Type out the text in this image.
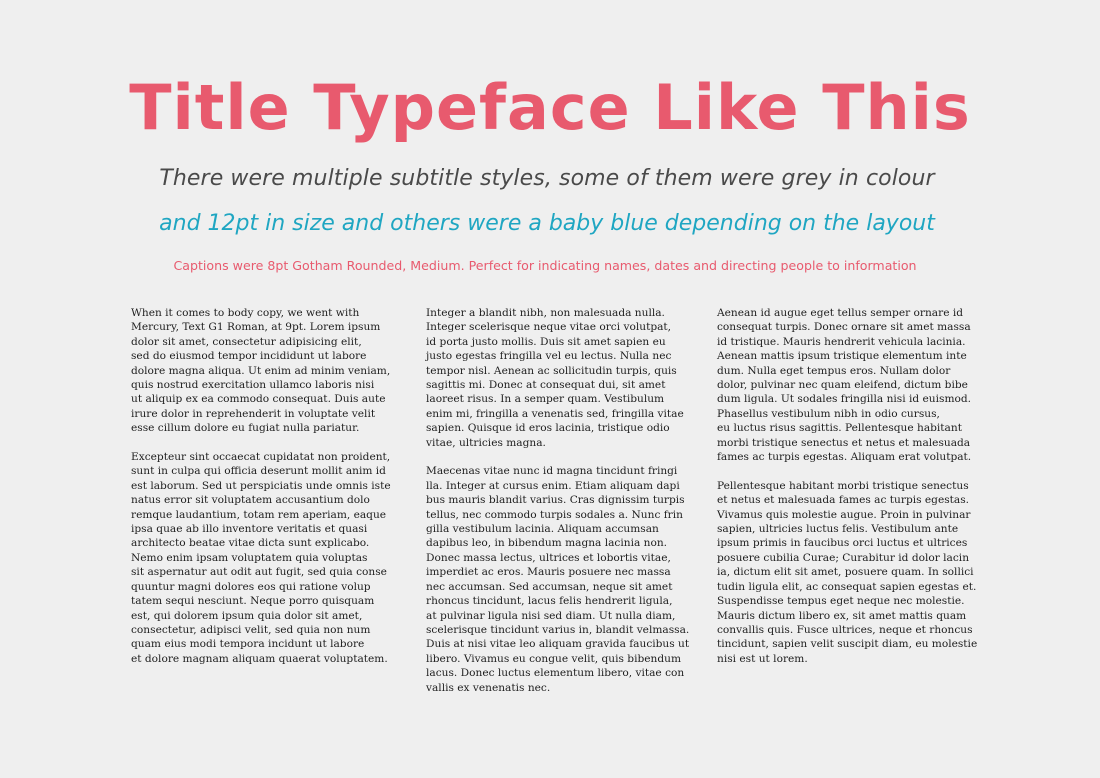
Title Typeface Like This

There were multiple subtitle styles, some of them were grey in colour

and 12pt in size and others were a baby blue depending on the layout

Captions were 8pt Gotham Rounded, Medium. Perfect for indicating names, dates and directing people to information

When it comes to body copy, we went with
Mercury, Text G1 Roman, at 9pt. Lorem ipsum
dolor sit amet, consectetur adipisicing elit,
sed do eiusmod tempor incididunt ut labore
dolore magna aliqua. Ut enim ad minim veniam,
quis nostrud exercitation ullamco laboris nisi
ut aliquip ex ea commodo consequat. Duis aute
irure dolor in reprehenderit in voluptate velit
esse cillum dolore eu fugiat nulla pariatur.

Excepteur sint occaecat cupidatat non proident,
sunt in culpa qui officia deserunt mollit anim id
est laborum. Sed ut perspiciatis unde omnis iste
natus error sit voluptatem accusantium dolo
remque laudantium, totam rem aperiam, eaque
ipsa quae ab illo inventore veritatis et quasi
architecto beatae vitae dicta sunt explicabo.
Nemo enim ipsam voluptatem quia voluptas
sit aspernatur aut odit aut fugit, sed quia conse
quuntur magni dolores eos qui ratione volup
tatem sequi nesciunt. Neque porro quisquam
est, qui dolorem ipsum quia dolor sit amet,
consectetur, adipisci velit, sed quia non num
quam eius modi tempora incidunt ut labore
et dolore magnam aliquam quaerat voluptatem.

Integer a blandit nibh, non malesuada nulla.
Integer scelerisque neque vitae orci volutpat,
id porta justo mollis. Duis sit amet sapien eu
justo egestas fringilla vel eu lectus. Nulla nec
tempor nisl. Aenean ac sollicitudin turpis, quis
sagittis mi. Donec at consequat dui, sit amet
laoreet risus. In a semper quam. Vestibulum
enim mi, fringilla a venenatis sed, fringilla vitae
sapien. Quisque id eros lacinia, tristique odio
vitae, ultricies magna.

Maecenas vitae nunc id magna tincidunt fringi
lla. Integer at cursus enim. Etiam aliquam dapi
bus mauris blandit varius. Cras dignissim turpis
tellus, nec commodo turpis sodales a. Nunc frin
gilla vestibulum lacinia. Aliquam accumsan
dapibus leo, in bibendum magna lacinia non.
Donec massa lectus, ultrices et lobortis vitae,
imperdiet ac eros. Mauris posuere nec massa
nec accumsan. Sed accumsan, neque sit amet
rhoncus tincidunt, lacus felis hendrerit ligula,
at pulvinar ligula nisi sed diam. Ut nulla diam,
scelerisque tincidunt varius in, blandit velmassa.
Duis at nisi vitae leo aliquam gravida faucibus ut
libero. Vivamus eu congue velit, quis bibendum
lacus. Donec luctus elementum libero, vitae con
vallis ex venenatis nec.

Aenean id augue eget tellus semper ornare id
consequat turpis. Donec ornare sit amet massa
id tristique. Mauris hendrerit vehicula lacinia.
Aenean mattis ipsum tristique elementum inte
dum. Nulla eget tempus eros. Nullam dolor
dolor, pulvinar nec quam eleifend, dictum bibe
dum ligula. Ut sodales fringilla nisi id euismod.
Phasellus vestibulum nibh in odio cursus,
eu luctus risus sagittis. Pellentesque habitant
morbi tristique senectus et netus et malesuada
fames ac turpis egestas. Aliquam erat volutpat.

Pellentesque habitant morbi tristique senectus
et netus et malesuada fames ac turpis egestas.
Vivamus quis molestie augue. Proin in pulvinar
sapien, ultricies luctus felis. Vestibulum ante
ipsum primis in faucibus orci luctus et ultrices
posuere cubilia Curae; Curabitur id dolor lacin
ia, dictum elit sit amet, posuere quam. In sollici
tudin ligula elit, ac consequat sapien egestas et.
Suspendisse tempus eget neque nec molestie.
Mauris dictum libero ex, sit amet mattis quam
convallis quis. Fusce ultrices, neque et rhoncus
tincidunt, sapien velit suscipit diam, eu molestie
nisi est ut lorem.
